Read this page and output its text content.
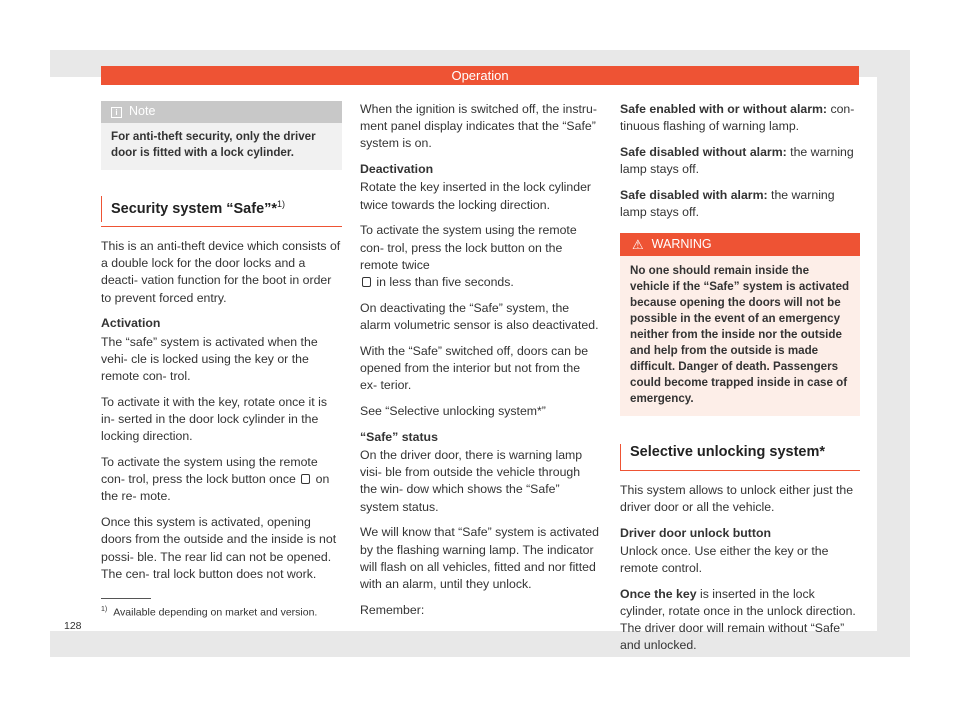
Operation
i Note
For anti-theft security, only the driver door is fitted with a lock cylinder.
Security system “Safe”*$^{1)}$

This is an anti-theft device which consists of a double lock for the door locks and a deacti- vation function for the boot in order to prevent forced entry.

Activation

The “safe” system is activated when the vehi- cle is locked using the key or the remote con- trol.

To activate it with the key, rotate once it is in- serted in the door lock cylinder in the locking direction.

To activate the system using the remote con- trol, press the lock button once on the re- mote.

Once this system is activated, opening doors from the outside and the inside is not possi- ble. The rear lid can not be opened. The cen- tral lock button does not work.

When the ignition is switched off, the instru- ment panel display indicates that the “Safe” system is on.

Deactivation

Rotate the key inserted in the lock cylinder twice towards the locking direction.

To activate the system using the remote con- trol, press the lock button on the remote twice
in less than five seconds.

On deactivating the “Safe” system, the alarm volumetric sensor is also deactivated.

With the “Safe” switched off, doors can be opened from the interior but not from the ex- terior.

See “Selective unlocking system*”

“Safe” status

On the driver door, there is warning lamp visi- ble from outside the vehicle through the win- dow which shows the “Safe” system status.

We will know that “Safe” system is activated by the flashing warning lamp. The indicator will flash on all vehicles, fitted and nor fitted with an alarm, until they unlock.

Remember:

Safe enabled with or without alarm: con- tinuous flashing of warning lamp.

Safe disabled without alarm: the warning lamp stays off.

Safe disabled with alarm: the warning lamp stays off.

⚠ WARNING
No one should remain inside the vehicle if the “Safe” system is activated because opening the doors will not be possible in the event of an emergency neither from the inside nor the outside and help from the outside is made difficult. Danger of death. Passengers could become trapped inside in case of emergency.
Selective unlocking system*

This system allows to unlock either just the driver door or all the vehicle.

Driver door unlock button

Unlock once. Use either the key or the remote control.

Once the key is inserted in the lock cylinder, rotate once in the unlock direction. The driver door will remain without “Safe” and unlocked.

$^{1)}$ Available depending on market and version.
128
